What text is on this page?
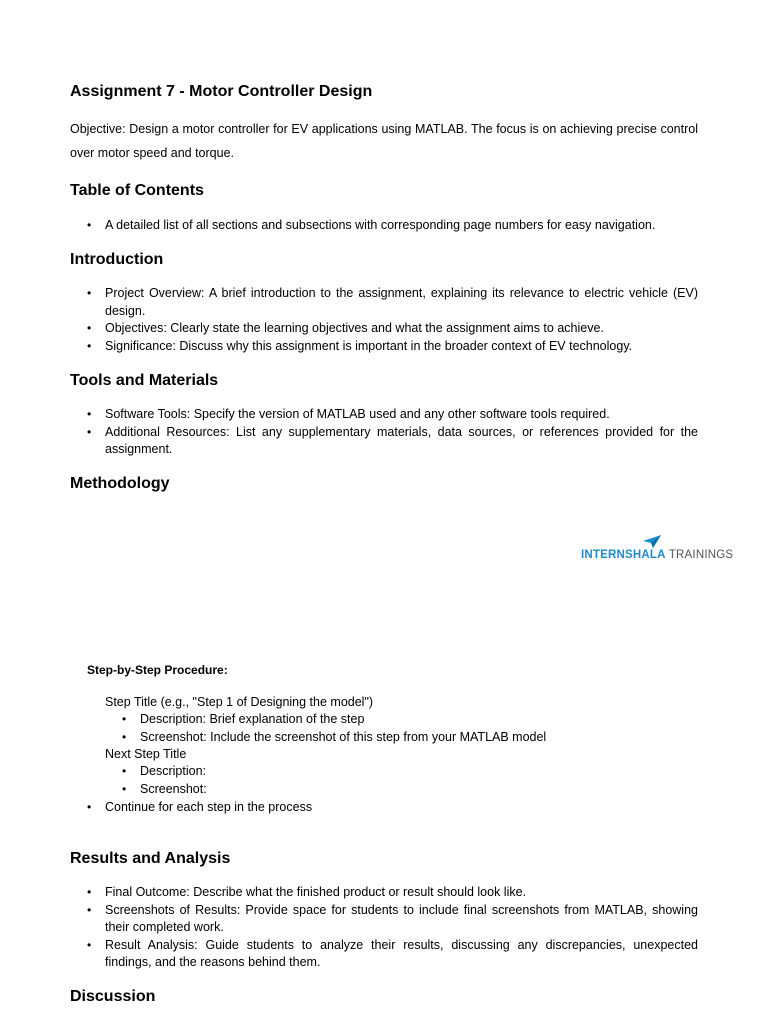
Assignment 7 - Motor Controller Design
Objective: Design a motor controller for EV applications using MATLAB. The focus is on achieving precise control over motor speed and torque.
Table of Contents
• A detailed list of all sections and subsections with corresponding page numbers for easy navigation.
Introduction
• Project Overview: A brief introduction to the assignment, explaining its relevance to electric vehicle (EV) design.
• Objectives: Clearly state the learning objectives and what the assignment aims to achieve.
• Significance: Discuss why this assignment is important in the broader context of EV technology.
Tools and Materials
• Software Tools: Specify the version of MATLAB used and any other software tools required.
• Additional Resources: List any supplementary materials, data sources, or references provided for the assignment.
Methodology
Step-by-Step Procedure:
Step Title (e.g., "Step 1 of Designing the model")
• Description: Brief explanation of the step
• Screenshot: Include the screenshot of this step from your MATLAB model
Next Step Title
• Description:
• Screenshot:
• Continue for each step in the process
Results and Analysis
• Final Outcome: Describe what the finished product or result should look like.
• Screenshots of Results: Provide space for students to include final screenshots from MATLAB, showing their completed work.
• Result Analysis: Guide students to analyze their results, discussing any discrepancies, unexpected findings, and the reasons behind them.
Discussion
INTERNSHALA TRAININGS
